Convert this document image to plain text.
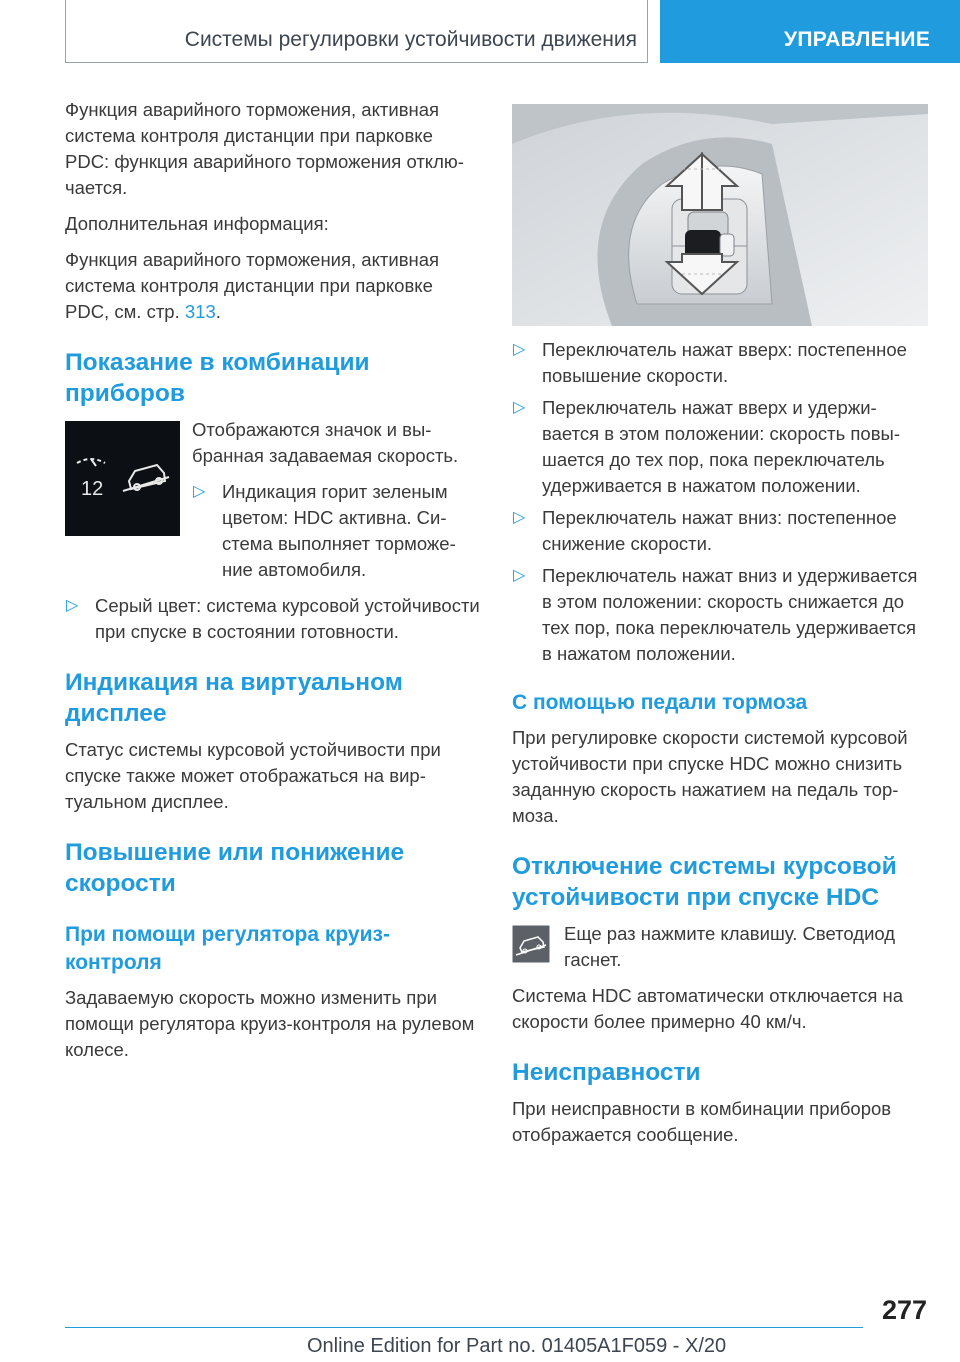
Системы регулировки устойчивости движения	УПРАВЛЕНИЕ

Функция аварийного торможения, активная система контроля дистанции при парковке PDC: функция аварийного торможения отключается.

Дополнительная информация:

Функция аварийного торможения, активная система контроля дистанции при парковке PDC, см. стр. 313.

Показание в комбинации приборов
12

Отображаются значок и выбранная задаваемая скорость.

▷ Индикация горит зеленым цветом: HDC активна. Система выполняет торможение автомобиля.
▷ Серый цвет: система курсовой устойчивости при спуске в состоянии готовности.
Индикация на виртуальном дисплее

Статус системы курсовой устойчивости при спуске также может отображаться на виртуальном дисплее.

Повышение или понижение скорости
При помощи регулятора круиз-контроля

Задаваемую скорость можно изменить при помощи регулятора круиз-контроля на рулевом колесе.

▷ Переключатель нажат вверх: постепенное повышение скорости.
▷ Переключатель нажат вверх и удерживается в этом положении: скорость повышается до тех пор, пока переключатель удерживается в нажатом положении.
▷ Переключатель нажат вниз: постепенное снижение скорости.
▷ Переключатель нажат вниз и удерживается в этом положении: скорость снижается до тех пор, пока переключатель удерживается в нажатом положении.
С помощью педали тормоза

При регулировке скорости системой курсовой устойчивости при спуске HDC можно снизить заданную скорость нажатием на педаль тормоза.

Отключение системы курсовой устойчивости при спуске HDC

Еще раз нажмите клавишу. Светодиод гаснет.

Система HDC автоматически отключается на скорости более примерно 40 км/ч.

Неисправности

При неисправности в комбинации приборов отображается сообщение.

277
Online Edition for Part no. 01405A1F059 - X/20
